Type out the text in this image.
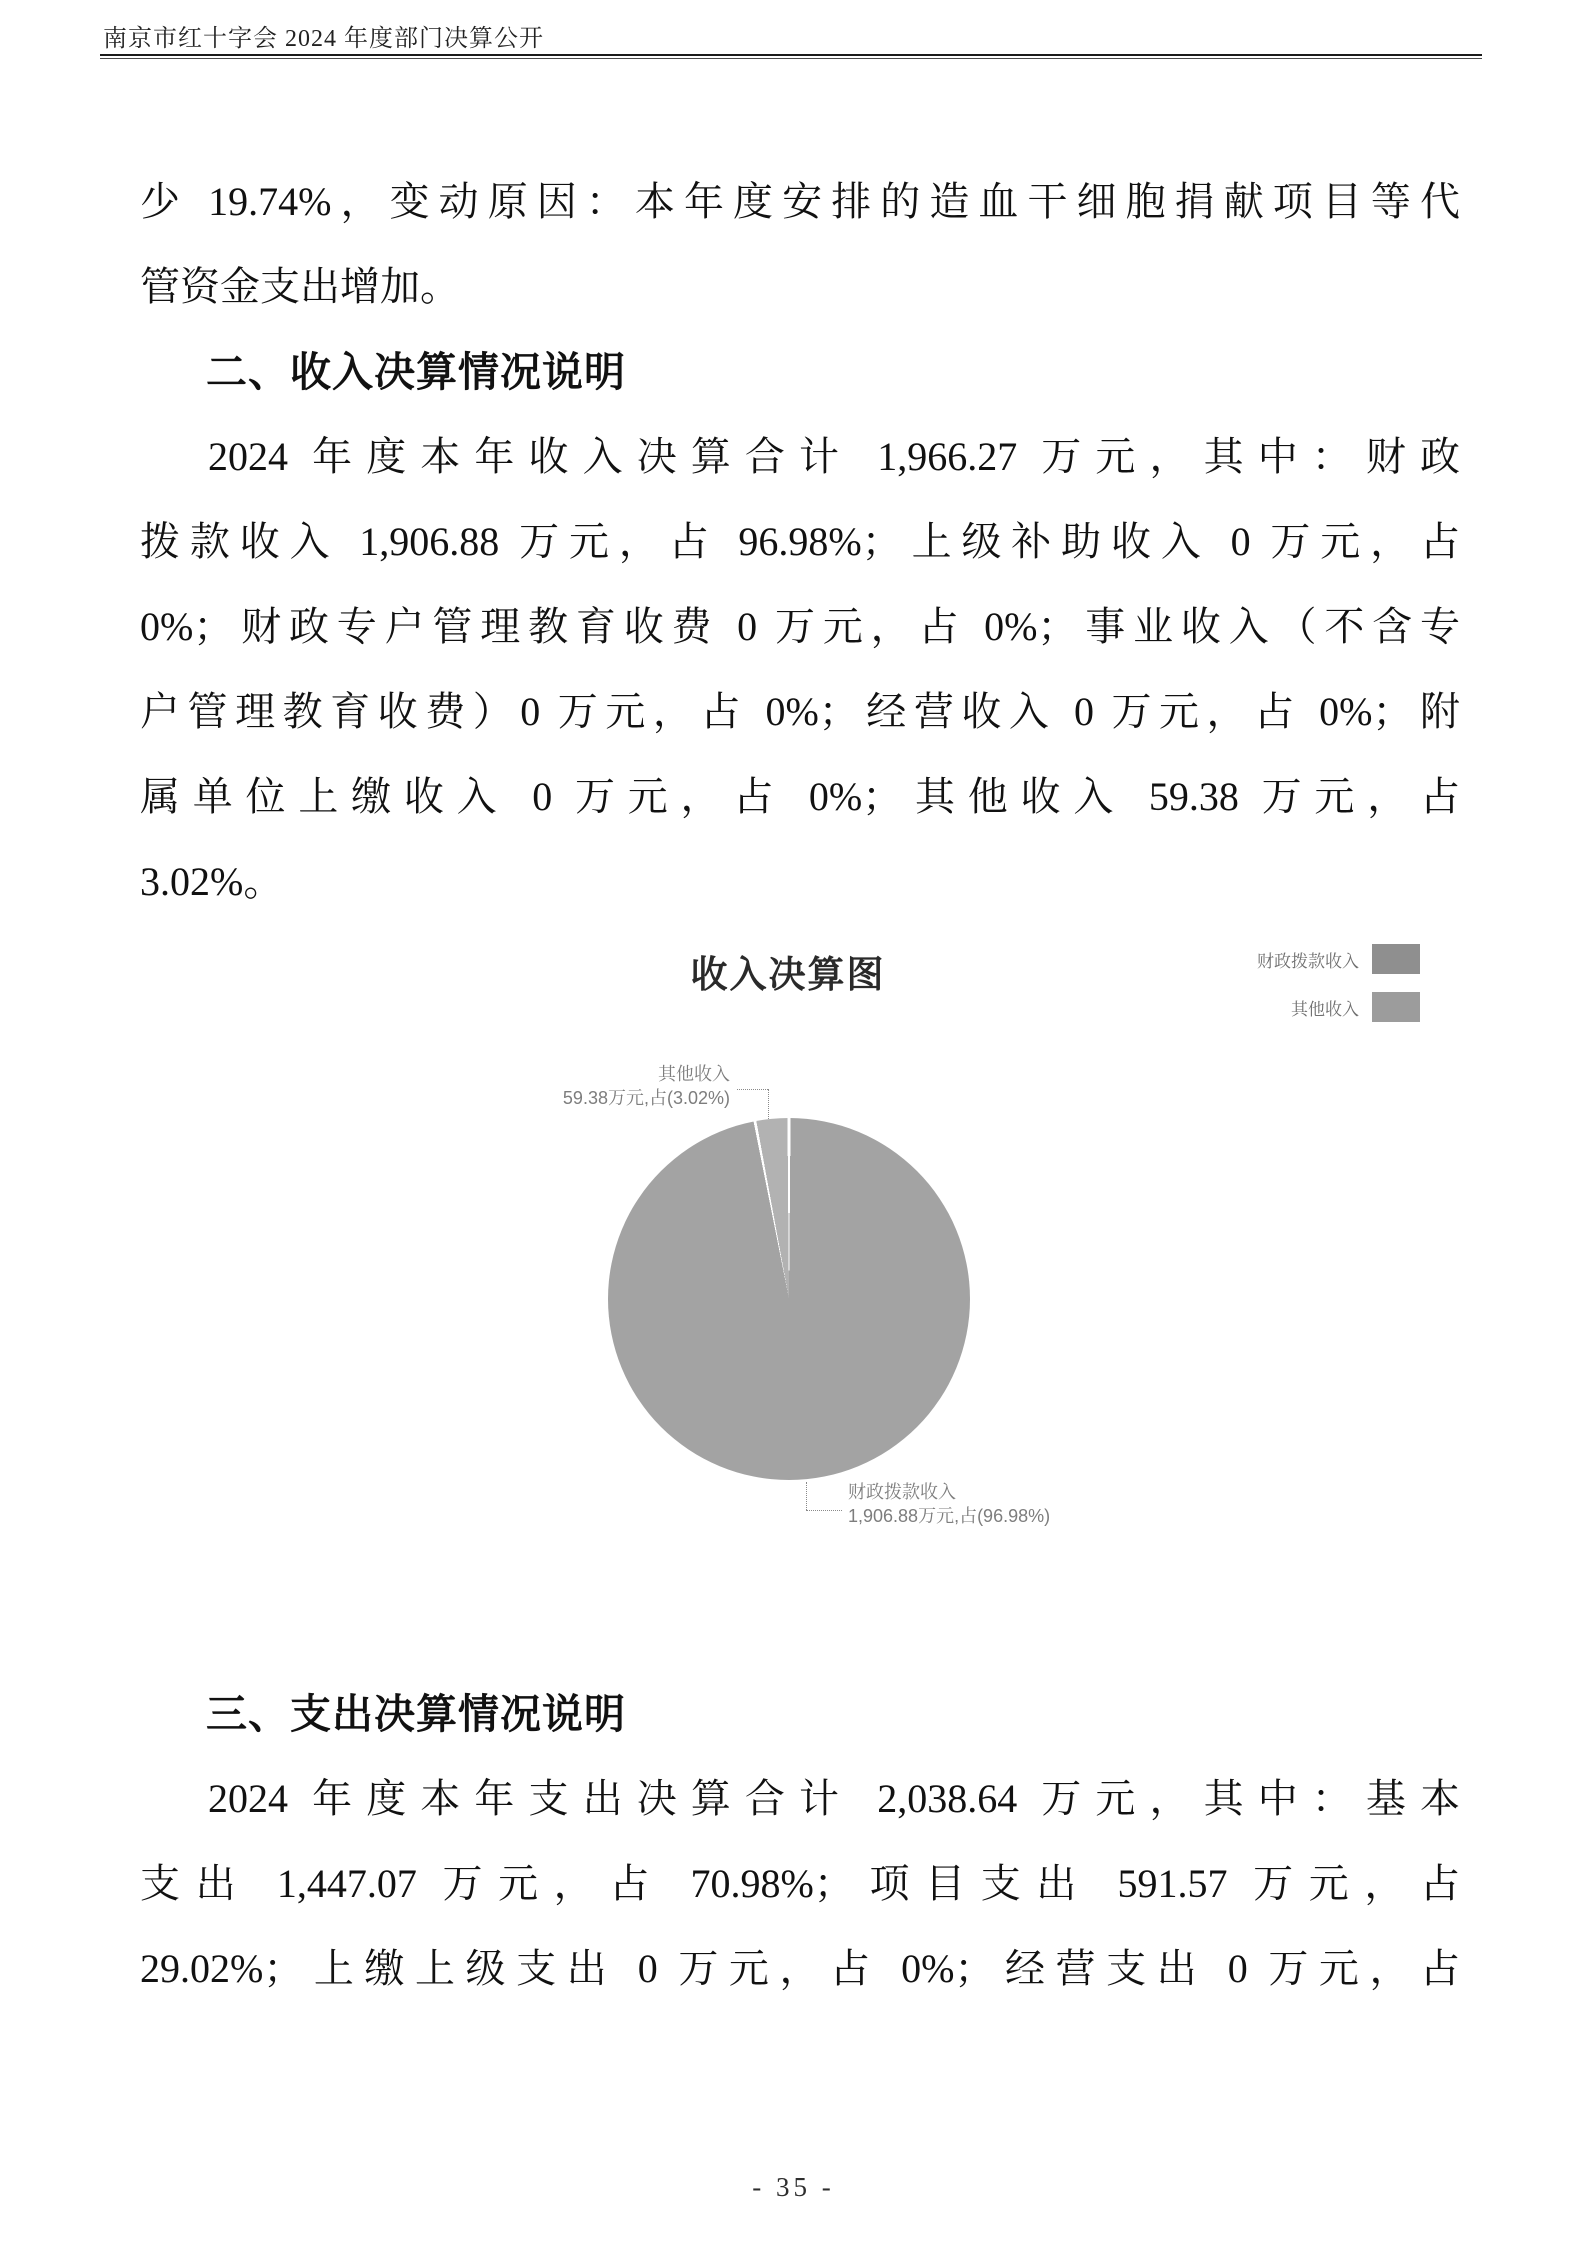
南京市红十字会 2024 年度部门决算公开
少 19.74%，变动原因：本年度安排的造血干细胞捐献项目等代
管资金支出增加。
二、收入决算情况说明
2024 年度本年收入决算合计 1,966.27 万元，其中：财政
拨款收入 1,906.88 万元，占 96.98%；上级补助收入 0 万元，占
0%；财政专户管理教育收费 0 万元，占 0%；事业收入（不含专
户管理教育收费）0 万元，占 0%；经营收入 0 万元，占 0%；附
属单位上缴收入 0 万元，占 0%；其他收入 59.38 万元，占
3.02%。
三、支出决算情况说明
2024 年度本年支出决算合计 2,038.64 万元，其中：基本
支出 1,447.07 万元，占 70.98%；项目支出 591.57 万元，占
29.02%；上缴上级支出 0 万元，占 0%；经营支出 0 万元，占
收入决算图	财政拨款收入
其他收入
其他收入
59.38万元,占(3.02%)
财政拨款收入
1,906.88万元,占(96.98%)
- 35 -
